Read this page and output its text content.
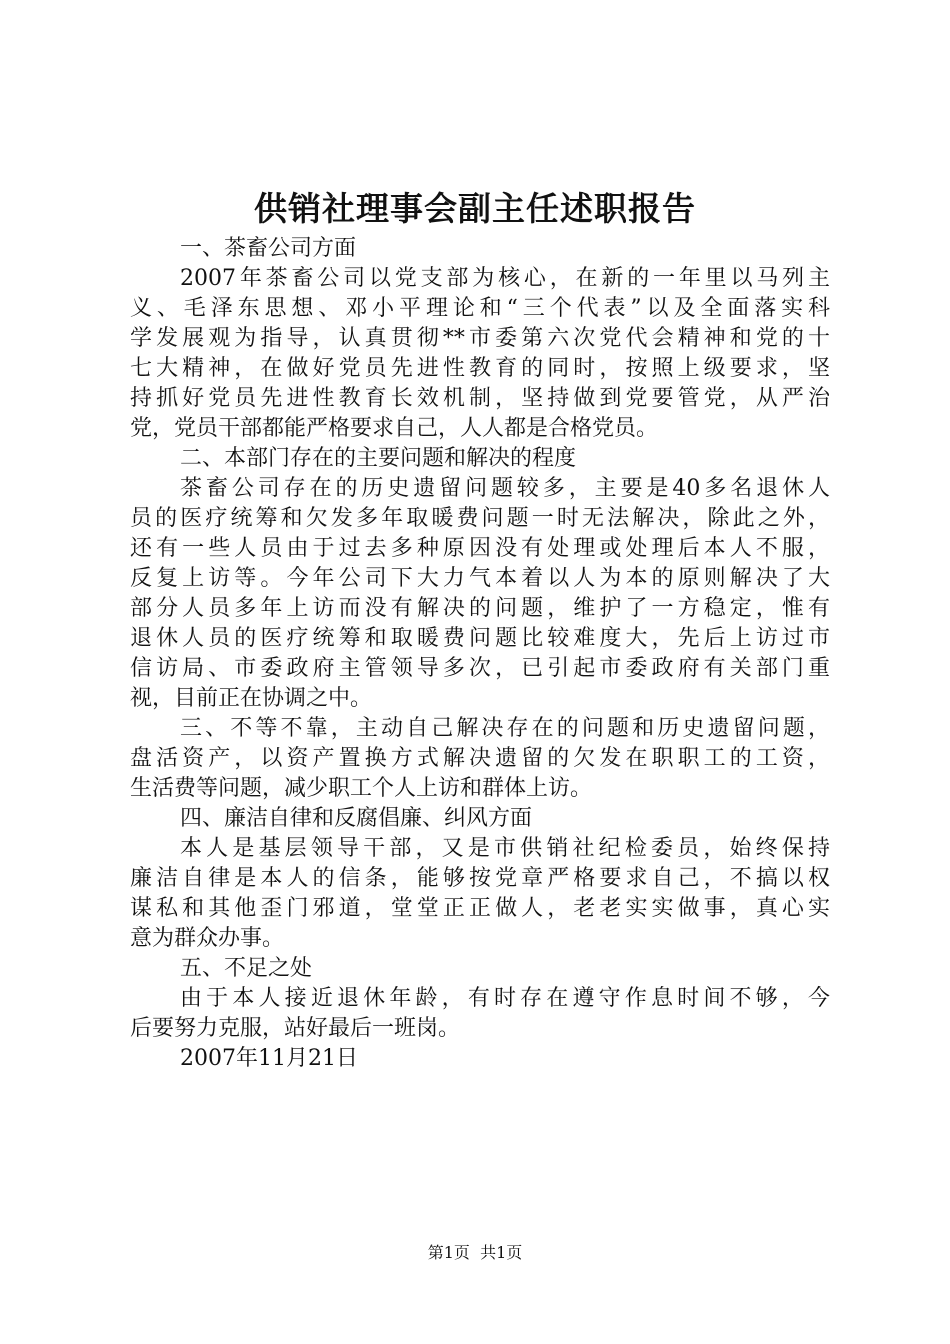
供销社理事会副主任述职报告
一、茶畜公司方面
2007年茶畜公司以党支部为核心，在新的一年里以马列主
义、毛泽东思想、邓小平理论和“三个代表”以及全面落实科
学发展观为指导，认真贯彻**市委第六次党代会精神和党的十
七大精神，在做好党员先进性教育的同时，按照上级要求，坚
持抓好党员先进性教育长效机制，坚持做到党要管党，从严治
党，党员干部都能严格要求自己，人人都是合格党员。
二、本部门存在的主要问题和解决的程度
茶畜公司存在的历史遗留问题较多，主要是40多名退休人
员的医疗统筹和欠发多年取暖费问题一时无法解决，除此之外，
还有一些人员由于过去多种原因没有处理或处理后本人不服，
反复上访等。今年公司下大力气本着以人为本的原则解决了大
部分人员多年上访而没有解决的问题，维护了一方稳定，惟有
退休人员的医疗统筹和取暖费问题比较难度大，先后上访过市
信访局、市委政府主管领导多次，已引起市委政府有关部门重
视，目前正在协调之中。
三、不等不靠，主动自己解决存在的问题和历史遗留问题，
盘活资产，以资产置换方式解决遗留的欠发在职职工的工资，
生活费等问题，减少职工个人上访和群体上访。
四、廉洁自律和反腐倡廉、纠风方面
本人是基层领导干部，又是市供销社纪检委员，始终保持
廉洁自律是本人的信条，能够按党章严格要求自己，不搞以权
谋私和其他歪门邪道，堂堂正正做人，老老实实做事，真心实
意为群众办事。
五、不足之处
由于本人接近退休年龄，有时存在遵守作息时间不够，今
后要努力克服，站好最后一班岗。
2007年11月21日
第1页  共1页
